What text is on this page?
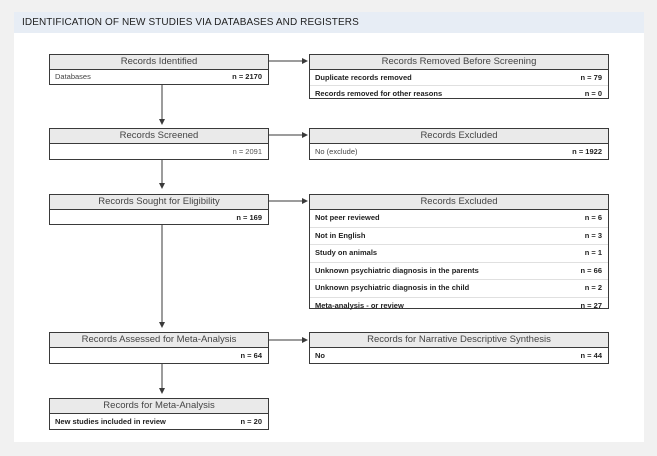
IDENTIFICATION OF NEW STUDIES VIA DATABASES AND REGISTERS
Records Identified
Databases	n = 2170
Records Removed Before Screening
Duplicate records removed	n = 79
Records removed for other reasons	n = 0
Records Screened
n = 2091
Records Excluded
No (exclude)	n = 1922
Records Sought for Eligibility
n = 169
Records Excluded
Not peer reviewed	n = 6
Not in English	n = 3
Study on animals	n = 1
Unknown psychiatric diagnosis in the parents	n = 66
Unknown psychiatric diagnosis in the child	n = 2
Meta-analysis - or review	n = 27
Records Assessed for Meta-Analysis
n = 64
Records for Narrative Descriptive Synthesis
No	n = 44
Records for Meta-Analysis
New studies included in review	n = 20
